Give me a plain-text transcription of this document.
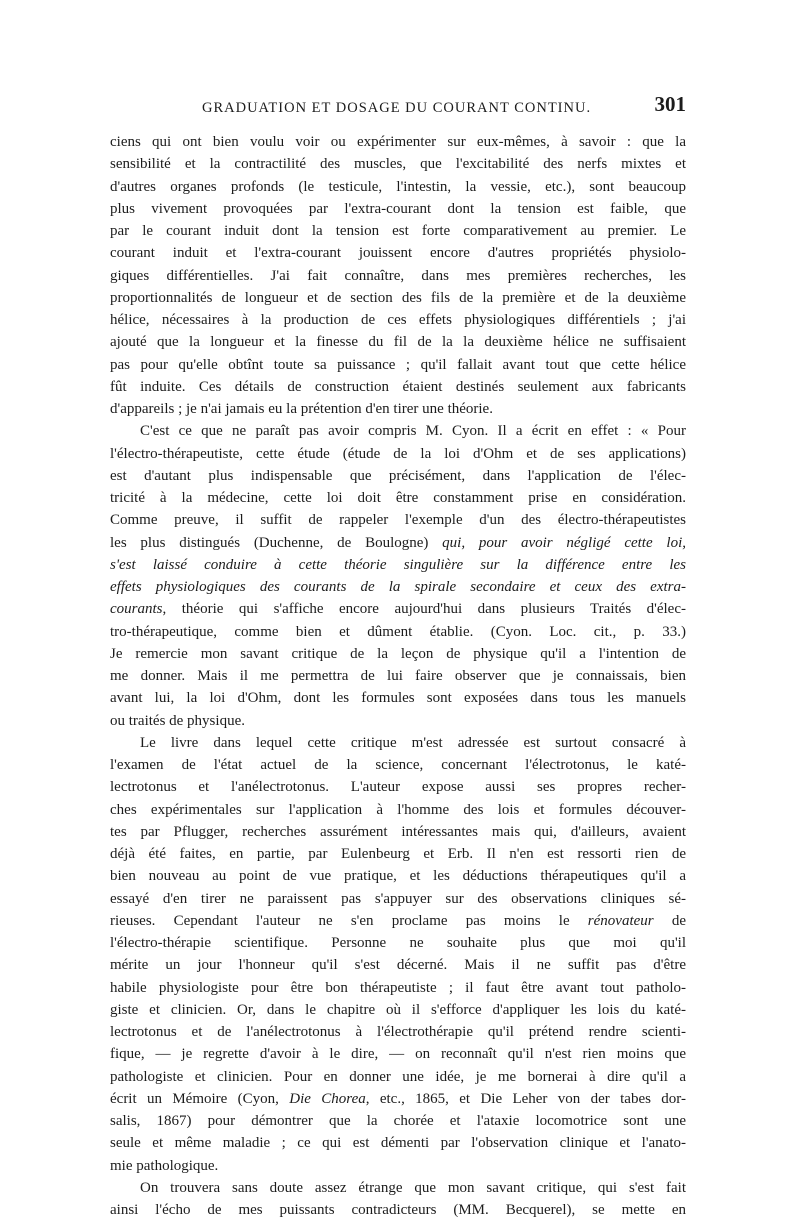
GRADUATION ET DOSAGE DU COURANT CONTINU.	301
ciens qui ont bien voulu voir ou expérimenter sur eux-mêmes, à savoir : que la
sensibilité et la contractilité des muscles, que l'excitabilité des nerfs mixtes et
d'autres organes profonds (le testicule, l'intestin, la vessie, etc.), sont beaucoup
plus vivement provoquées par l'extra-courant dont la tension est faible, que
par le courant induit dont la tension est forte comparativement au premier. Le
courant induit et l'extra-courant jouissent encore d'autres propriétés physiolo-
giques différentielles. J'ai fait connaître, dans mes premières recherches, les
proportionnalités de longueur et de section des fils de la première et de la deuxième
hélice, nécessaires à la production de ces effets physiologiques différentiels ; j'ai
ajouté que la longueur et la finesse du fil de la la deuxième hélice ne suffisaient
pas pour qu'elle obtînt toute sa puissance ; qu'il fallait avant tout que cette hélice
fût induite. Ces détails de construction étaient destinés seulement aux fabricants
d'appareils ; je n'ai jamais eu la prétention d'en tirer une théorie.
C'est ce que ne paraît pas avoir compris M. Cyon. Il a écrit en effet : « Pour
l'électro-thérapeutiste, cette étude (étude de la loi d'Ohm et de ses applications)
est d'autant plus indispensable que précisément, dans l'application de l'élec-
tricité à la médecine, cette loi doit être constamment prise en considération.
Comme preuve, il suffit de rappeler l'exemple d'un des électro-thérapeutistes
les plus distingués (Duchenne, de Boulogne) qui, pour avoir négligé cette loi,
s'est laissé conduire à cette théorie singulière sur la différence entre les
effets physiologiques des courants de la spirale secondaire et ceux des extra-
courants, théorie qui s'affiche encore aujourd'hui dans plusieurs Traités d'élec-
tro-thérapeutique, comme bien et dûment établie. (Cyon. Loc. cit., p. 33.)
Je remercie mon savant critique de la leçon de physique qu'il a l'intention de
me donner. Mais il me permettra de lui faire observer que je connaissais, bien
avant lui, la loi d'Ohm, dont les formules sont exposées dans tous les manuels
ou traités de physique.
Le livre dans lequel cette critique m'est adressée est surtout consacré à
l'examen de l'état actuel de la science, concernant l'électrotonus, le katé-
lectrotonus et l'anélectrotonus. L'auteur expose aussi ses propres recher-
ches expérimentales sur l'application à l'homme des lois et formules découver-
tes par Pflugger, recherches assurément intéressantes mais qui, d'ailleurs, avaient
déjà été faites, en partie, par Eulenbeurg et Erb. Il n'en est ressorti rien de
bien nouveau au point de vue pratique, et les déductions thérapeutiques qu'il a
essayé d'en tirer ne paraissent pas s'appuyer sur des observations cliniques sé-
rieuses. Cependant l'auteur ne s'en proclame pas moins le rénovateur de
l'électro-thérapie scientifique. Personne ne souhaite plus que moi qu'il
mérite un jour l'honneur qu'il s'est décerné. Mais il ne suffit pas d'être
habile physiologiste pour être bon thérapeutiste ; il faut être avant tout patholo-
giste et clinicien. Or, dans le chapitre où il s'efforce d'appliquer les lois du katé-
lectrotonus et de l'anélectrotonus à l'électrothérapie qu'il prétend rendre scienti-
fique, — je regrette d'avoir à le dire, — on reconnaît qu'il n'est rien moins que
pathologiste et clinicien. Pour en donner une idée, je me bornerai à dire qu'il a
écrit un Mémoire (Cyon, Die Chorea, etc., 1865, et Die Leher von der tabes dor-
salis, 1867) pour démontrer que la chorée et l'ataxie locomotrice sont une
seule et même maladie ; ce qui est démenti par l'observation clinique et l'anato-
mie pathologique.
On trouvera sans doute assez étrange que mon savant critique, qui s'est fait
ainsi l'écho de mes puissants contradicteurs (MM. Becquerel), se mette en
